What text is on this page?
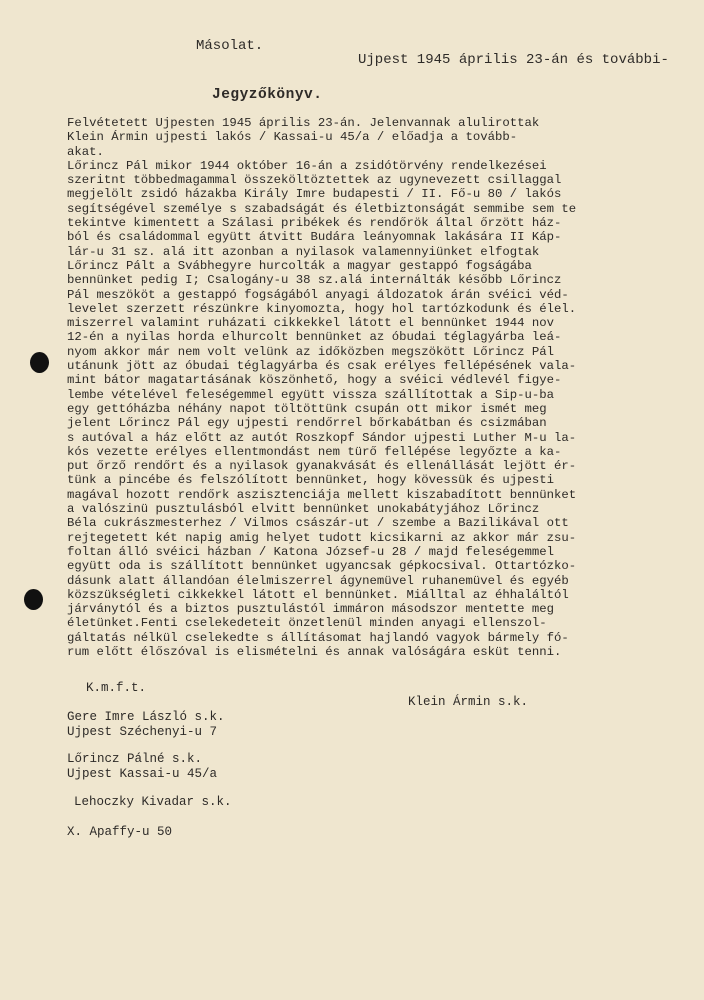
Másolat.
Ujpest 1945 április 23-án és további-
Jegyzőkönyv.

Felvétetett Ujpesten 1945 április 23-án. Jelenvannak alulirottak

Klein Ármin ujpesti lakós / Kassai-u 45/a / előadja a tovább-

akat.

Lőrincz Pál mikor 1944 október 16-án a zsidótörvény rendelkezései

szeritnt többedmagammal összeköltöztettek az ugynevezett csillaggal

megjelölt zsidó házakba Király Imre budapesti / II. Fő-u 80 / lakós

segítségével személye s szabadságát és életbiztonságát semmibe sem te

tekintve kimentett a Szálasi pribékek és rendőrök által őrzött ház-

ból és családommal együtt átvitt Budára leányomnak lakására II Káp-

lár-u 31 sz. alá itt azonban a nyilasok valamennyiünket elfogtak

Lőrincz Pált a Svábhegyre hurcolták a magyar gestappó fogságába

bennünket pedig I; Csalogány-u 38 sz.alá internálták később Lőrincz

Pál meszököt a gestappó fogságából anyagi áldozatok árán svéici véd-

levelet szerzett részünkre kinyomozta, hogy hol tartózkodunk és élel.

miszerrel valamint ruházati cikkekkel látott el bennünket 1944 nov

12-én a nyilas horda elhurcolt bennünket az óbudai téglagyárba leá-

nyom akkor már nem volt velünk az időközben megszökött Lőrincz Pál

utánunk jött az óbudai téglagyárba és csak erélyes fellépésének vala-

mint bátor magatartásának köszönhető, hogy a svéici védlevél figye-

lembe vételével feleségemmel együtt vissza szállítottak a Sip-u-ba

egy gettóházba néhány napot töltöttünk csupán ott mikor ismét meg

jelent Lőrincz Pál egy ujpesti rendőrrel bőrkabátban és csizmában

s autóval a ház előtt az autót Roszkopf Sándor ujpesti Luther M-u la-

kós vezette erélyes ellentmondást nem türő fellépése legyőzte a ka-

put őrző rendőrt és a nyilasok gyanakvását és ellenállását lejött ér-

tünk a pincébe és felszólított bennünket, hogy kövessük és ujpesti

magával hozott rendőrk aszisztenciája mellett kiszabadított bennünket

a valószinü pusztulásból elvitt bennünket unokabátyjához Lőrincz

Béla cukrászmesterhez / Vilmos császár-ut / szembe a Bazilikával ott

rejtegetett két napig amig helyet tudott kicsikarni az akkor már zsu-

foltan álló svéici házban / Katona József-u 28 / majd feleségemmel

együtt oda is szállított bennünket ugyancsak gépkocsival. Ottartózko-

dásunk alatt állandóan élelmiszerrel ágynemüvel ruhanemüvel és egyéb

közszükségleti cikkekkel látott el bennünket. Miálltal az éhhaláltól

járványtól és a biztos pusztulástól immáron másodszor mentette meg

életünket.Fenti cselekedeteit önzetlenül minden anyagi ellenszol-

gáltatás nélkül cselekedte s állításomat hajlandó vagyok bármely fó-

rum előtt élőszóval is elismételni és annak valóságára esküt tenni.

K.m.f.t.
Klein Ármin s.k.
Gere Imre László s.k.
Ujpest Széchenyi-u 7
Lőrincz Pálné s.k.
Ujpest Kassai-u 45/a
Lehoczky Kivadar s.k.
X. Apaffy-u 50
